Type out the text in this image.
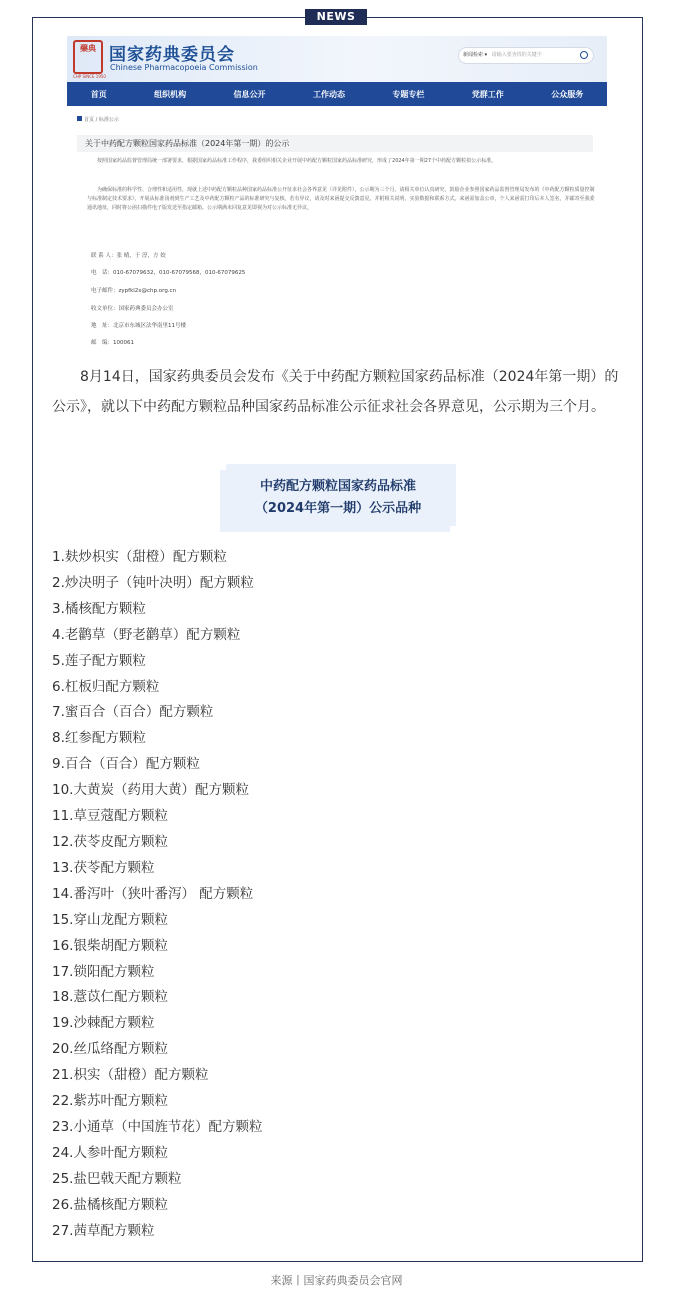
NEWS
藥典
CHP SINCE 1950
国家药典委员会
Chinese Pharmacopoeia Commission
新闻检索 ▾ 请输入要查找的关键字
首页	组织机构	信息公开	工作动态	专题专栏	党群工作	公众服务
首页 / 标准公示
关于中药配方颗粒国家药品标准（2024年第一期）的公示
按照国家药品监督管理局统一部署要求，根据国家药品标准工作程序，我委组织相关企业开展中药配方颗粒国家药品标准研究，形成了2024年第一期27个中药配方颗粒拟公示标准。
为确保标准的科学性、合理性和适用性，现就上述中药配方颗粒品种国家药品标准公开征求社会各界意见（详见附件），公示期为三个月。请相关单位认真研究，鼓励企业参照国家药品监督管理局发布的《中药配方颗粒质量控制与标准制定技术要求》，开展从标准汤剂到生产工艺及中药配方颗粒产品的标准研究与复核。若有异议，请及时来函提交反馈意见，并附相关说明、实验数据和联系方式。来函需加盖公章，个人来函需打印后本人签名，并邮寄至我委通讯地址，同时将公函扫描件电子版发送至指定邮箱。公示期满未回复意见即视为对公示标准无异议。
联 系 人：张 晴，于 淳，方 姣
电　话：010-67079632，010-67079568，010-67079625
电子邮件：zypfkl2x@chp.org.cn
收文单位：国家药典委员会办公室
地　址：北京市东城区法华南里11号楼
邮　编：100061

8月14日，国家药典委员会发布《关于中药配方颗粒国家药品标准（2024年第一期）的公示》，就以下中药配方颗粒品种国家药品标准公示征求社会各界意见，公示期为三个月。

中药配方颗粒国家药品标准
（2024年第一期）公示品种
1.麸炒枳实（甜橙）配方颗粒
2.炒决明子（钝叶决明）配方颗粒
3.橘核配方颗粒
4.老鹳草（野老鹳草）配方颗粒
5.莲子配方颗粒
6.杠板归配方颗粒
7.蜜百合（百合）配方颗粒
8.红参配方颗粒
9.百合（百合）配方颗粒
10.大黄炭（药用大黄）配方颗粒
11.草豆蔻配方颗粒
12.茯苓皮配方颗粒
13.茯苓配方颗粒
14.番泻叶（狭叶番泻） 配方颗粒
15.穿山龙配方颗粒
16.银柴胡配方颗粒
17.锁阳配方颗粒
18.薏苡仁配方颗粒
19.沙棘配方颗粒
20.丝瓜络配方颗粒
21.枳实（甜橙）配方颗粒
22.紫苏叶配方颗粒
23.小通草（中国旌节花）配方颗粒
24.人参叶配方颗粒
25.盐巴戟天配方颗粒
26.盐橘核配方颗粒
27.茜草配方颗粒
来源丨国家药典委员会官网
